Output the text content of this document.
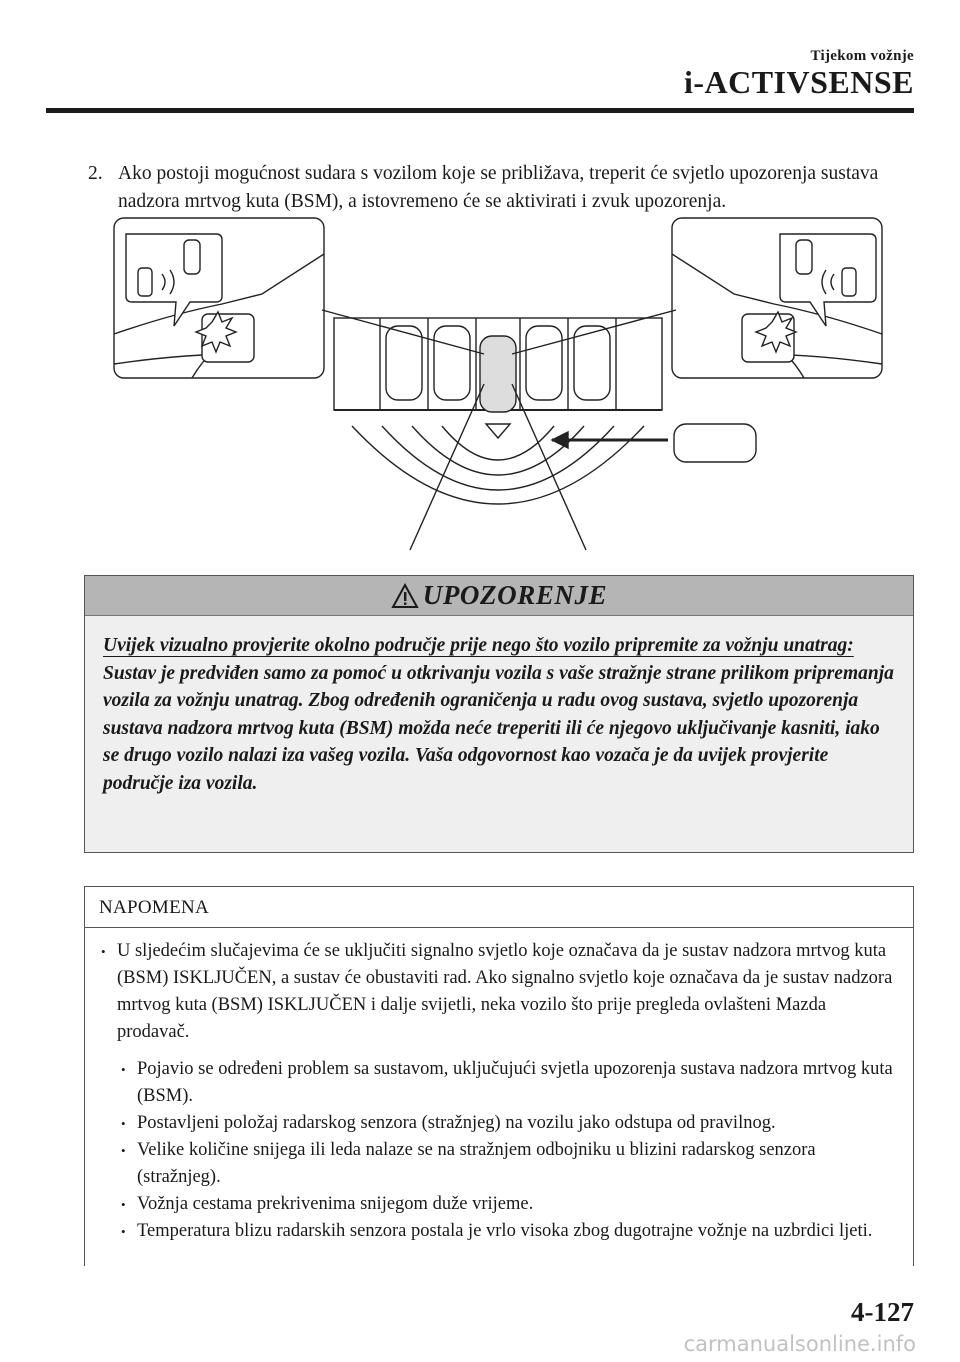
Tijekom vožnje
i-ACTIVSENSE
2. Ako postoji mogućnost sudara s vozilom koje se približava, treperit će svjetlo upozorenja sustava nadzora mrtvog kuta (BSM), a istovremeno će se aktivirati i zvuk upozorenja.
UPOZORENJE
Uvijek vizualno provjerite okolno područje prije nego što vozilo pripremite za vožnju unatrag:
Sustav je predviđen samo za pomoć u otkrivanju vozila s vaše stražnje strane prilikom pripremanja vozila za vožnju unatrag. Zbog određenih ograničenja u radu ovog sustava, svjetlo upozorenja sustava nadzora mrtvog kuta (BSM) možda neće treperiti ili će njegovo uključivanje kasniti, iako se drugo vozilo nalazi iza vašeg vozila. Vaša odgovornost kao vozača je da uvijek provjerite područje iza vozila.
NAPOMENA
• U sljedećim slučajevima će se uključiti signalno svjetlo koje označava da je sustav nadzora mrtvog kuta (BSM) ISKLJUČEN, a sustav će obustaviti rad. Ako signalno svjetlo koje označava da je sustav nadzora mrtvog kuta (BSM) ISKLJUČEN i dalje svijetli, neka vozilo što prije pregleda ovlašteni Mazda prodavač.
• Pojavio se određeni problem sa sustavom, uključujući svjetla upozorenja sustava nadzora mrtvog kuta (BSM).
• Postavljeni položaj radarskog senzora (stražnjeg) na vozilu jako odstupa od pravilnog.
• Velike količine snijega ili leda nalaze se na stražnjem odbojniku u blizini radarskog senzora (stražnjeg).
• Vožnja cestama prekrivenima snijegom duže vrijeme.
• Temperatura blizu radarskih senzora postala je vrlo visoka zbog dugotrajne vožnje na uzbrdici ljeti.
4-127
carmanualsonline.info
